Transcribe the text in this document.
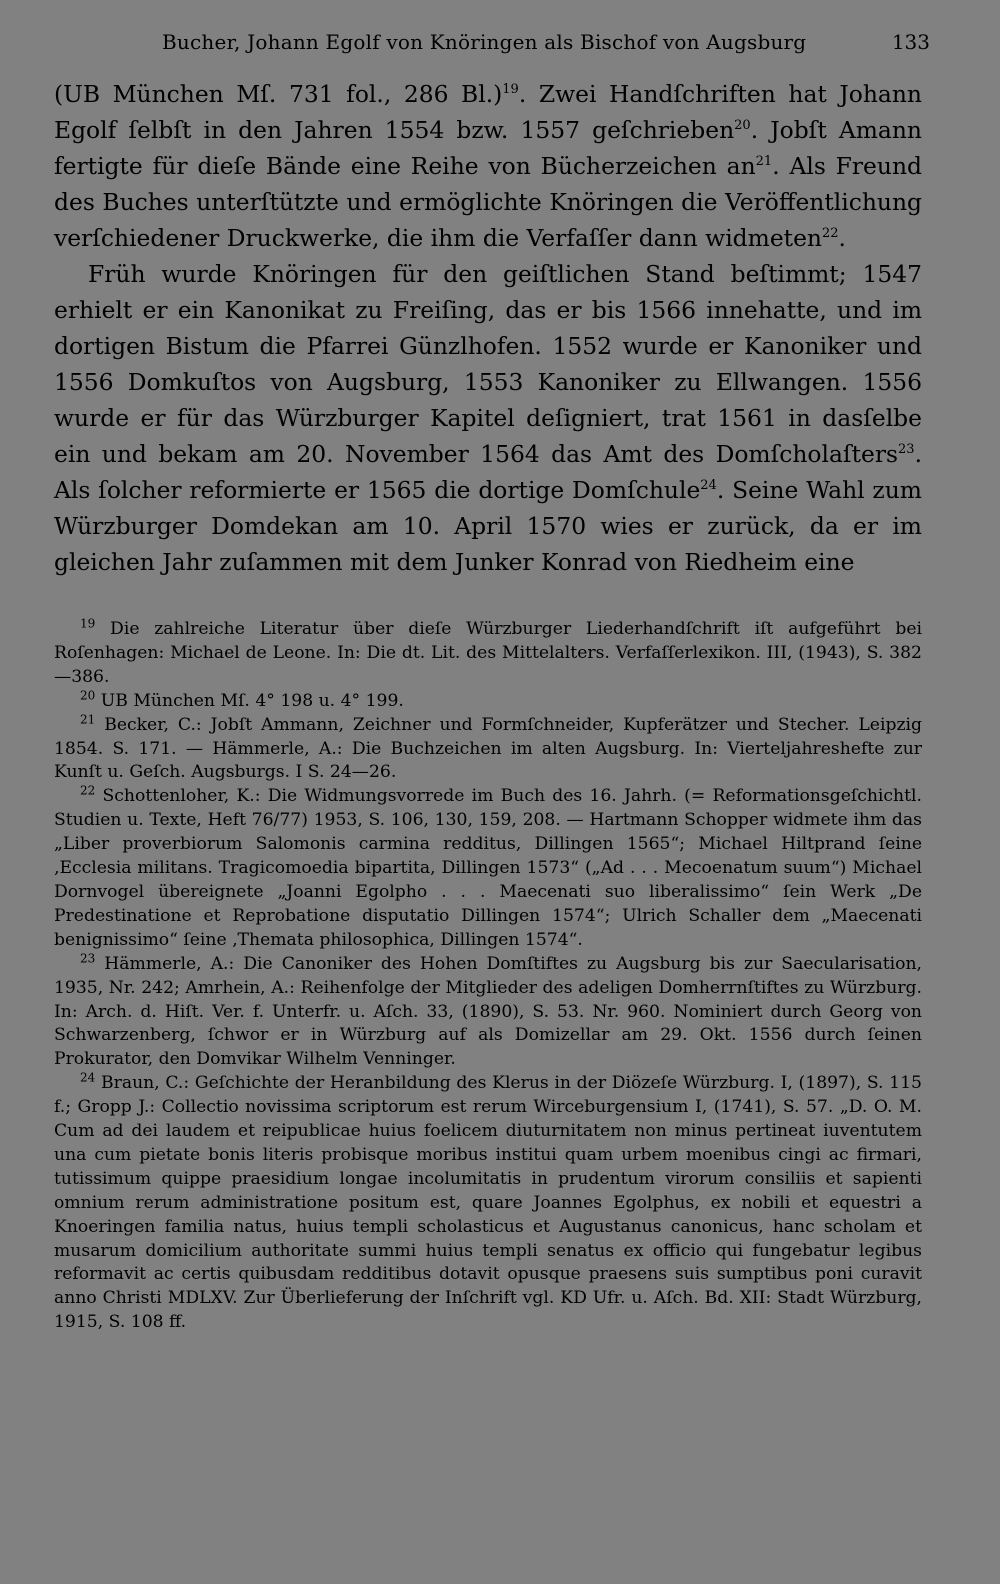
Bucher, Johann Egolf von Knöringen als Bischof von Augsburg	133

(UB München Mſ. 731 fol., 286 Bl.)$^{19}$. Zwei Handſchriften hat Johann Egolf ſelbſt in den Jahren 1554 bzw. 1557 geſchrieben$^{20}$. Jobſt Amann fertigte für dieſe Bände eine Reihe von Bücherzeichen $an^{21}$. Als Freund des Buches unterſtützte und ermöglichte Knöringen die Veröffentlichung verſchiedener Druckwerke, die ihm die Verfaſſer dann widmeten$^{22}$.

Früh wurde Knöringen für den geiſtlichen Stand beſtimmt; 1547 erhielt er ein Kanonikat zu Freiſing, das er bis 1566 innehatte, und im dortigen Bistum die Pfarrei Günzlhofen. 1552 wurde er Kanoniker und 1556 Domkuſtos von Augsburg, 1553 Kanoniker zu Ellwangen. 1556 wurde er für das Würzburger Kapitel deſigniert, trat 1561 in dasſelbe ein und bekam am 20. November 1564 das Amt des Domſcholaſters$^{23}$. Als ſolcher reformierte er 1565 die dortige Domſchule$^{24}$. Seine Wahl zum Würzburger Domdekan am 10. April 1570 wies er zurück, da er im gleichen Jahr zuſammen mit dem Junker Konrad von Riedheim eine

$^{19}$ Die zahlreiche Literatur über dieſe Würzburger Liederhandſchrift iſt aufgeführt bei Roſenhagen: Michael de Leone. In: Die dt. Lit. des Mittelalters. Verfaſſerlexikon. III, (1943), S. 382—386.

$^{20}$ UB München Mſ. 4° 198 u. 4° 199.

$^{21}$ Becker, C.: Jobſt Ammann, Zeichner und Formſchneider, Kupferätzer und Stecher. Leipzig 1854. S. 171. — Hämmerle, A.: Die Buchzeichen im alten Augsburg. In: Vierteljahreshefte zur Kunſt u. Geſch. Augsburgs. I S. 24—26.

$^{22}$ Schottenloher, K.: Die Widmungsvorrede im Buch des 16. Jahrh. (= Reformationsgeſchichtl. Studien u. Texte, Heft 76/77) 1953, S. 106, 130, 159, 208. — Hartmann Schopper widmete ihm das „Liber proverbiorum Salomonis carmina redditus, Dillingen 1565“; Michael Hiltprand ſeine ‚Ecclesia militans. Tragicomoedia bipartita, Dillingen 1573“ („Ad . . . Mecoenatum suum“) Michael Dornvogel übereignete „Joanni Egolpho . . . Maecenati suo liberalissimo“ ſein Werk „De Predestinatione et Reprobatione disputatio Dillingen 1574“; Ulrich Schaller dem „Maecenati benignissimo“ ſeine ‚Themata philosophica, Dillingen 1574“.

$^{23}$ Hämmerle, A.: Die Canoniker des Hohen Domſtiftes zu Augsburg bis zur Saecularisation, 1935, Nr. 242; Amrhein, A.: Reihenfolge der Mitglieder des adeligen Domherrnſtiftes zu Würzburg. In: Arch. d. Hiſt. Ver. f. Unterfr. u. Aſch. 33, (1890), S. 53. Nr. 960. Nominiert durch Georg von Schwarzenberg, ſchwor er in Würzburg auf als Domizellar am 29. Okt. 1556 durch ſeinen Prokurator, den Domvikar Wilhelm Venninger.

$^{24}$ Braun, C.: Geſchichte der Heranbildung des Klerus in der Diözeſe Würzburg. I, (1897), S. 115 f.; Gropp J.: Collectio novissima scriptorum est rerum Wirceburgensium I, (1741), S. 57. „D. O. M. Cum ad dei laudem et reipublicae huius foelicem diuturnitatem non minus pertineat iuventutem una cum pietate bonis literis probisque moribus institui quam urbem moenibus cingi ac firmari, tutissimum quippe praesidium longae incolumitatis in prudentum virorum consiliis et sapienti omnium rerum administratione positum est, quare Joannes Egolphus, ex nobili et equestri a Knoeringen familia natus, huius templi scholasticus et Augustanus canonicus, hanc scholam et musarum domicilium authoritate summi huius templi senatus ex officio qui fungebatur legibus reformavit ac certis quibusdam redditibus dotavit opusque praesens suis sumptibus poni curavit anno Christi MDLXV. Zur Überlieferung der Inſchrift vgl. KD Ufr. u. Aſch. Bd. XII: Stadt Würzburg, 1915, S. 108 ff.
